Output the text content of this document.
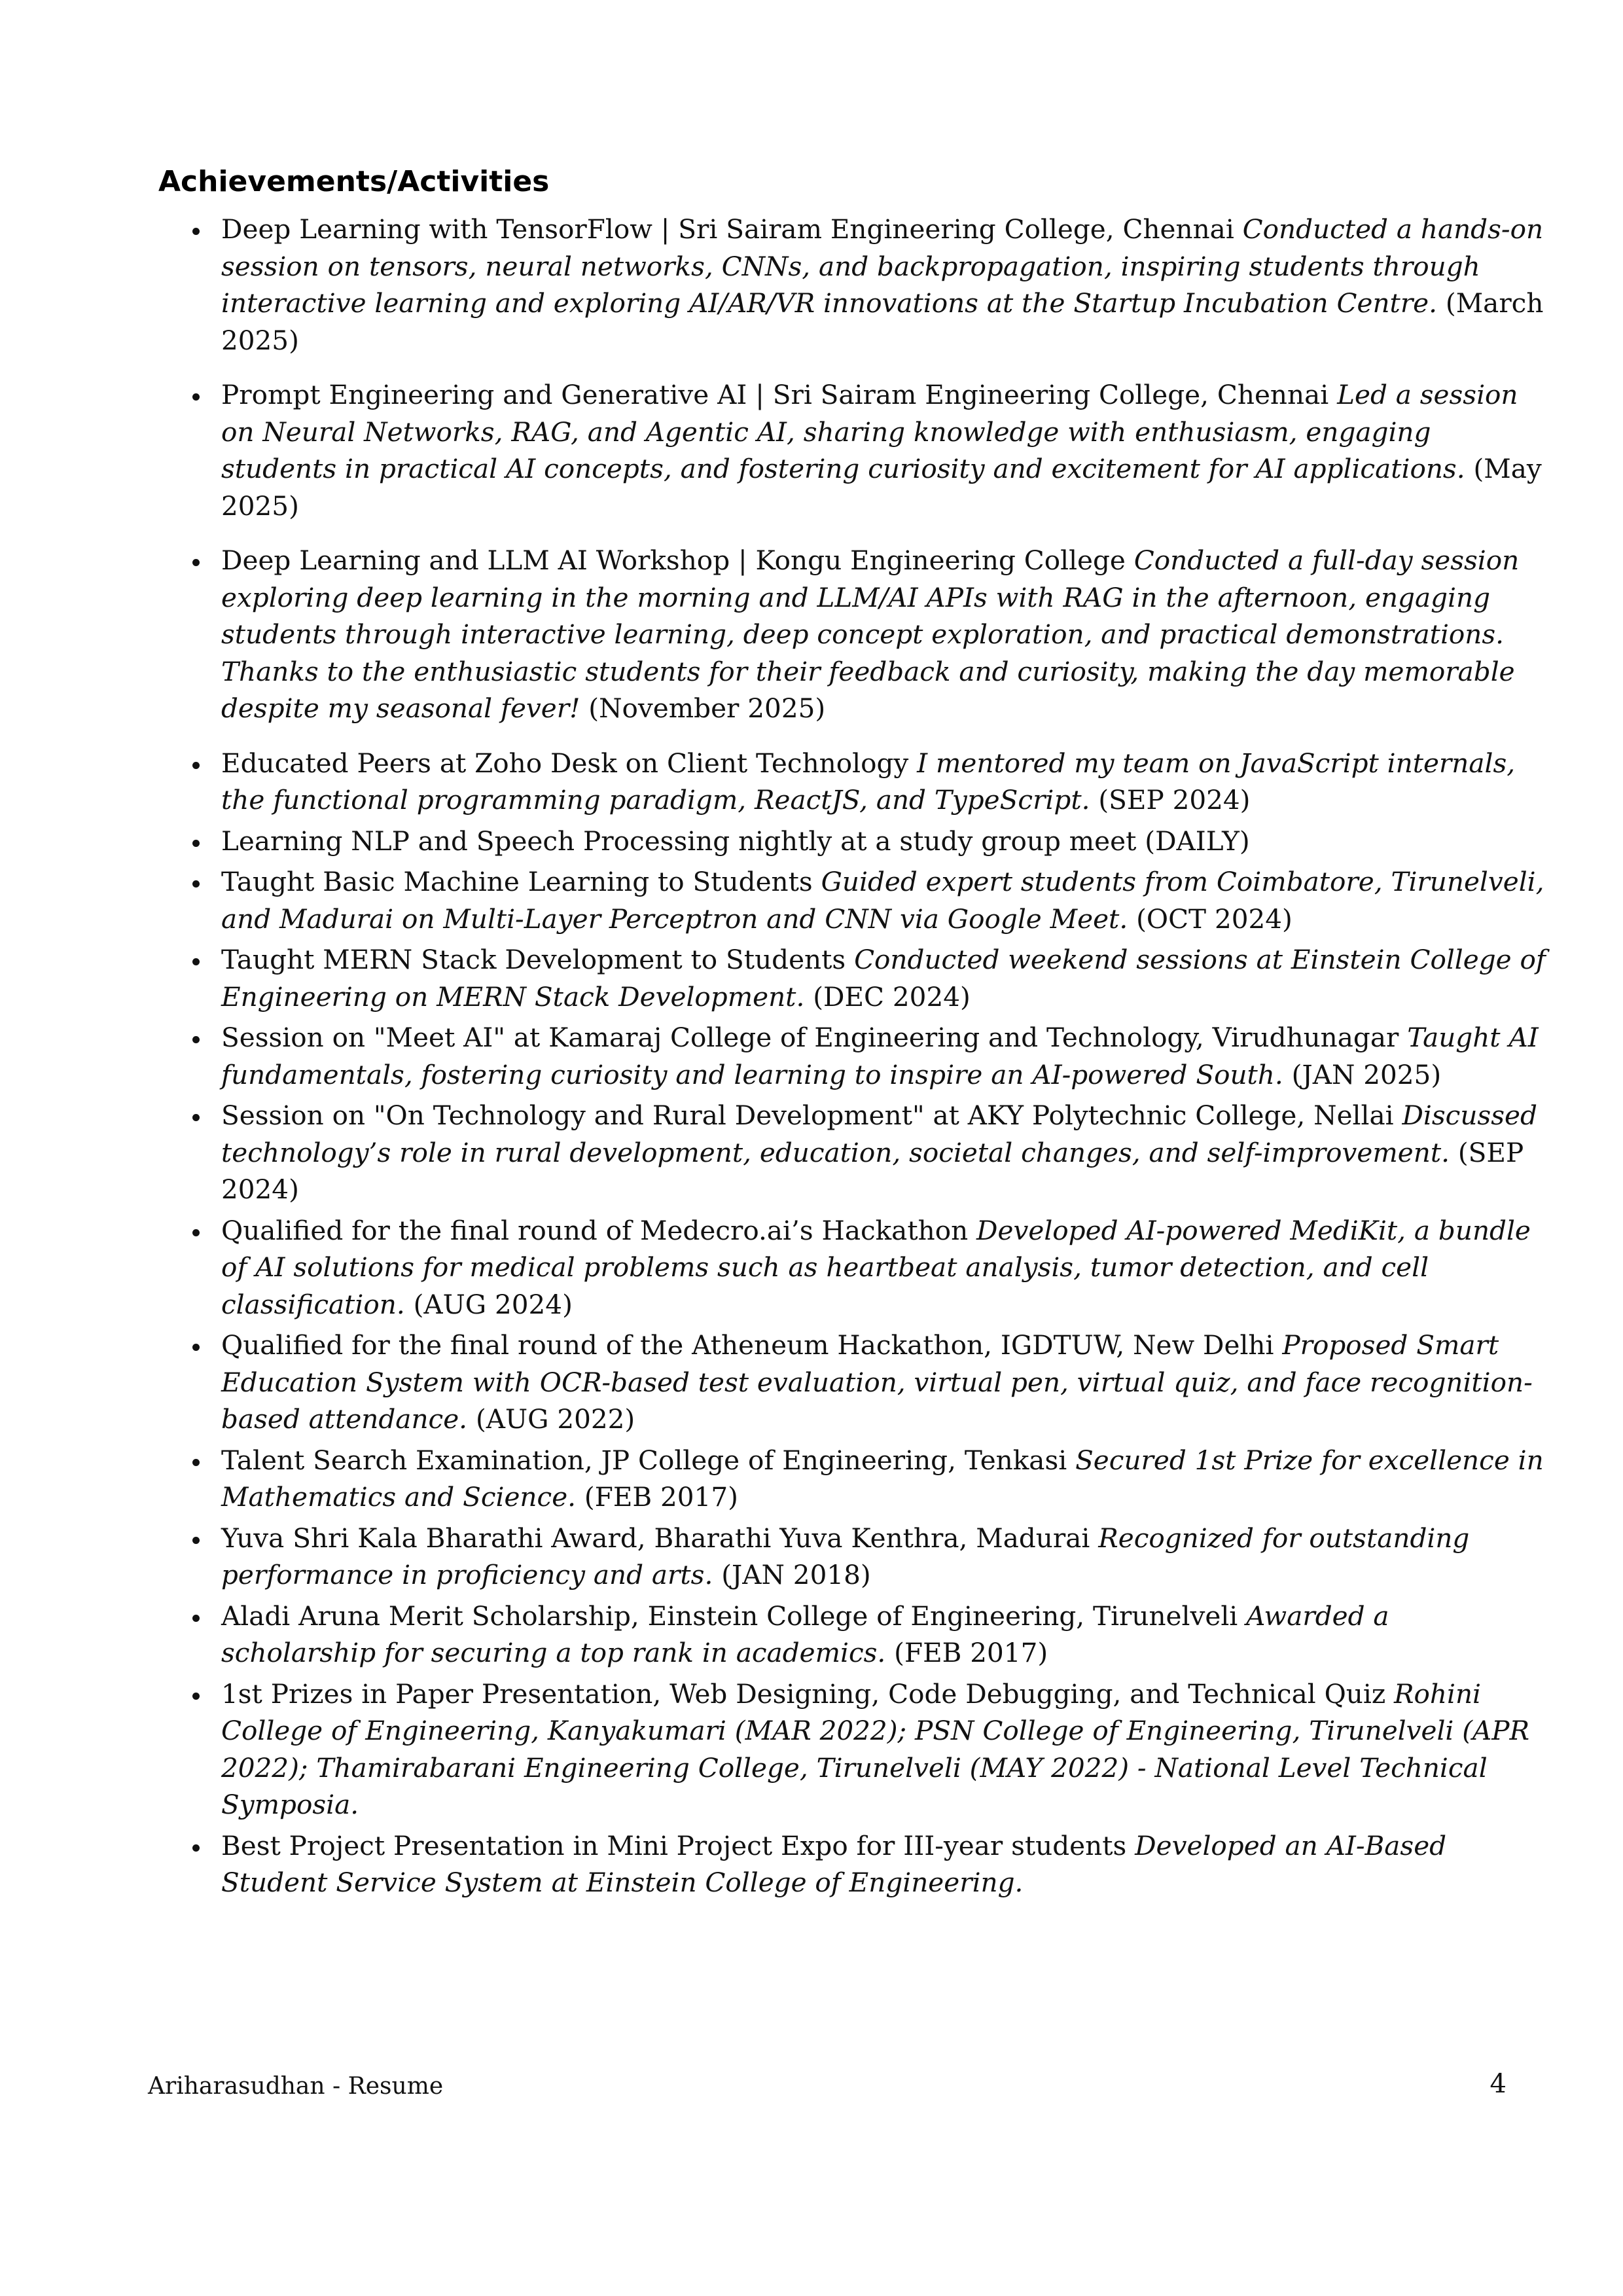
Achievements/Activities
Deep Learning with TensorFlow | Sri Sairam Engineering College, Chennai Conducted a hands-on session on tensors, neural networks, CNNs, and backpropagation, inspiring students through interactive learning and exploring AI/AR/VR innovations at the Startup Incubation Centre. (March 2025)
Prompt Engineering and Generative AI | Sri Sairam Engineering College, Chennai Led a session on Neural Networks, RAG, and Agentic AI, sharing knowledge with enthusiasm, engaging students in practical AI concepts, and fostering curiosity and excitement for AI applications. (May 2025)
Deep Learning and LLM AI Workshop | Kongu Engineering College Conducted a full-day session exploring deep learning in the morning and LLM/AI APIs with RAG in the afternoon, engaging students through interactive learning, deep concept exploration, and practical demonstrations. Thanks to the enthusiastic students for their feedback and curiosity, making the day memorable despite my seasonal fever! (November 2025)
Educated Peers at Zoho Desk on Client Technology I mentored my team on JavaScript internals, the functional programming paradigm, ReactJS, and TypeScript. (SEP 2024)
Learning NLP and Speech Processing nightly at a study group meet (DAILY)
Taught Basic Machine Learning to Students Guided expert students from Coimbatore, Tirunelveli, and Madurai on Multi-Layer Perceptron and CNN via Google Meet. (OCT 2024)
Taught MERN Stack Development to Students Conducted weekend sessions at Einstein College of Engineering on MERN Stack Development. (DEC 2024)
Session on "Meet AI" at Kamaraj College of Engineering and Technology, Virudhunagar Taught AI fundamentals, fostering curiosity and learning to inspire an AI-powered South. (JAN 2025)
Session on "On Technology and Rural Development" at AKY Polytechnic College, Nellai Discussed technology’s role in rural development, education, societal changes, and self-improvement. (SEP 2024)
Qualified for the final round of Medecro.ai’s Hackathon Developed AI-powered MediKit, a bundle of AI solutions for medical problems such as heartbeat analysis, tumor detection, and cell classification. (AUG 2024)
Qualified for the final round of the Atheneum Hackathon, IGDTUW, New Delhi Proposed Smart Education System with OCR-based test evaluation, virtual pen, virtual quiz, and face recognition-based attendance. (AUG 2022)
Talent Search Examination, JP College of Engineering, Tenkasi Secured 1st Prize for excellence in Mathematics and Science. (FEB 2017)
Yuva Shri Kala Bharathi Award, Bharathi Yuva Kenthra, Madurai Recognized for outstanding performance in proficiency and arts. (JAN 2018)
Aladi Aruna Merit Scholarship, Einstein College of Engineering, Tirunelveli Awarded a scholarship for securing a top rank in academics. (FEB 2017)
1st Prizes in Paper Presentation, Web Designing, Code Debugging, and Technical Quiz Rohini College of Engineering, Kanyakumari (MAR 2022); PSN College of Engineering, Tirunelveli (APR 2022); Thamirabarani Engineering College, Tirunelveli (MAY 2022) - National Level Technical Symposia.
Best Project Presentation in Mini Project Expo for III-year students Developed an AI-Based Student Service System at Einstein College of Engineering.
Ariharasudhan - Resume	4
